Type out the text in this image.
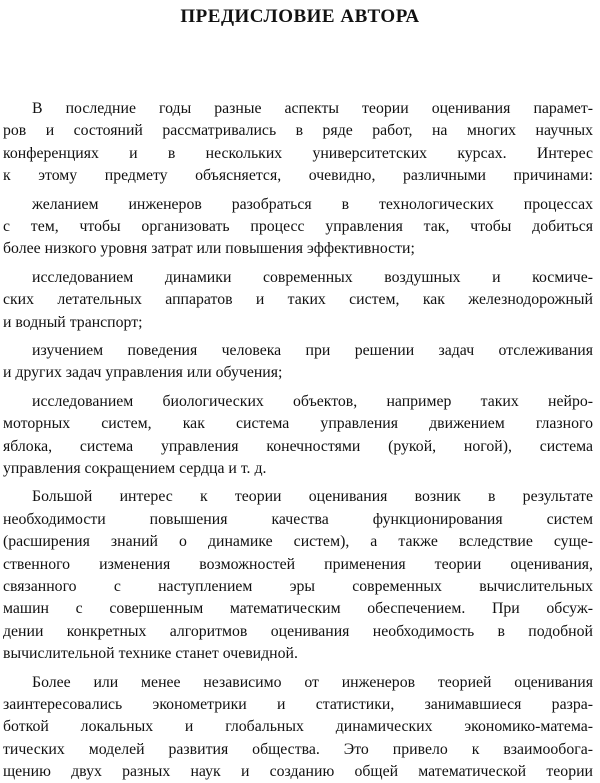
ПРЕДИСЛОВИЕ АВТОРА
В последние годы разные аспекты теории оценивания парамет-
ров и состояний рассматривались в ряде работ, на многих научных
конференциях и в нескольких университетских курсах. Интерес
к этому предмету объясняется, очевидно, различными причинами:
желанием инженеров разобраться в технологических процессах
с тем, чтобы организовать процесс управления так, чтобы добиться
более низкого уровня затрат или повышения эффективности;
исследованием динамики современных воздушных и космиче-
ских летательных аппаратов и таких систем, как железнодорожный
и водный транспорт;
изучением поведения человека при решении задач отслеживания
и других задач управления или обучения;
исследованием биологических объектов, например таких нейро-
моторных систем, как система управления движением глазного
яблока, система управления конечностями (рукой, ногой), система
управления сокращением сердца и т. д.
Большой интерес к теории оценивания возник в результате
необходимости повышения качества функционирования систем
(расширения знаний о динамике систем), а также вследствие суще-
ственного изменения возможностей применения теории оценивания,
связанного с наступлением эры современных вычислительных
машин с совершенным математическим обеспечением. При обсуж-
дении конкретных алгоритмов оценивания необходимость в подобной
вычислительной технике станет очевидной.
Более или менее независимо от инженеров теорией оценивания
заинтересовались эконометрики и статистики, занимавшиеся разра-
боткой локальных и глобальных динамических экономико-матема-
тических моделей развития общества. Это привело к взаимообога-
щению двух разных наук и созданию общей математической теории
